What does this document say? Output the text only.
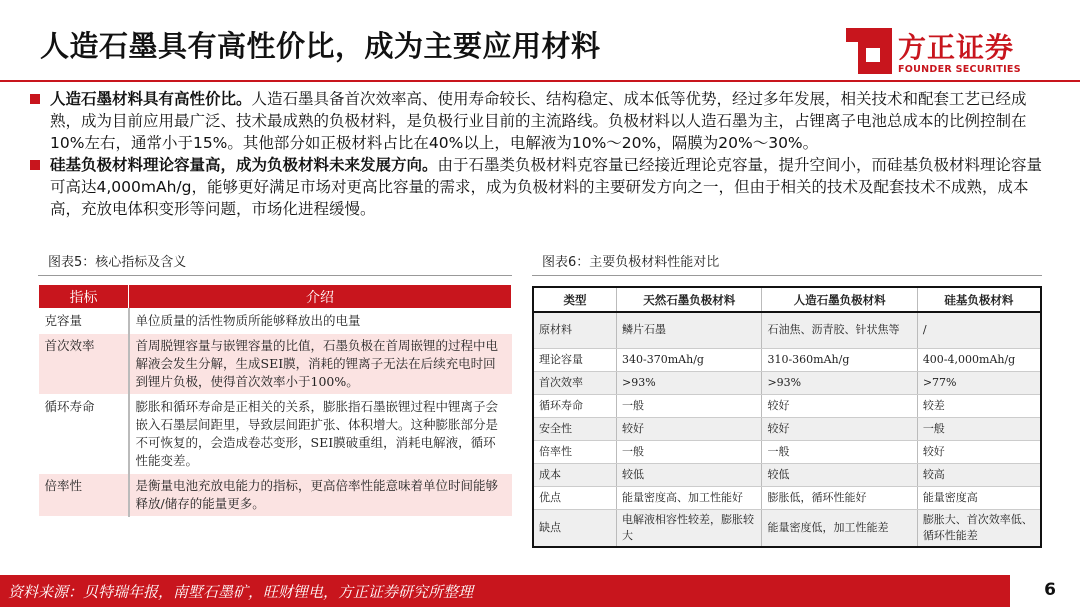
人造石墨具有高性价比，成为主要应用材料	方正证券
FOUNDER SECURITIES
人造石墨材料具有高性价比。人造石墨具备首次效率高、使用寿命较长、结构稳定、成本低等优势，经过多年发展，相关技术和配套工艺已经成熟，成为目前应用最广泛、技术最成熟的负极材料，是负极行业目前的主流路线。负极材料以人造石墨为主，占锂离子电池总成本的比例控制在10%左右，通常小于15%。其他部分如正极材料占比在40%以上，电解液为10%～20%，隔膜为20%～30%。
硅基负极材料理论容量高，成为负极材料未来发展方向。由于石墨类负极材料克容量已经接近理论克容量，提升空间小，而硅基负极材料理论容量可高达4,000mAh/g，能够更好满足市场对更高比容量的需求，成为负极材料的主要研发方向之一，但由于相关的技术及配套技术不成熟，成本高，充放电体积变形等问题，市场化进程缓慢。
图表5：核心指标及含义
指标	介绍
克容量	单位质量的活性物质所能够释放出的电量
首次效率	首周脱锂容量与嵌锂容量的比值，石墨负极在首周嵌锂的过程中电解液会发生分解，生成SEI膜，消耗的锂离子无法在后续充电时回到锂片负极，使得首次效率小于100%。
循环寿命	膨胀和循环寿命是正相关的关系，膨胀指石墨嵌锂过程中锂离子会嵌入石墨层间距里，导致层间距扩张、体积增大。这种膨胀部分是不可恢复的，会造成卷芯变形，SEI膜破重组，消耗电解液，循环性能变差。
倍率性	是衡量电池充放电能力的指标，更高倍率性能意味着单位时间能够释放/储存的能量更多。
图表6：主要负极材料性能对比
类型	天然石墨负极材料	人造石墨负极材料	硅基负极材料
原材料	鳞片石墨	石油焦、沥青胶、针状焦等	/
理论容量	340-370mAh/g	310-360mAh/g	400-4,000mAh/g
首次效率	>93%	>93%	>77%
循环寿命	一般	较好	较差
安全性	较好	较好	一般
倍率性	一般	一般	较好
成本	较低	较低	较高
优点	能量密度高、加工性能好	膨胀低，循环性能好	能量密度高
缺点	电解液相容性较差，膨胀较大	能量密度低，加工性能差	膨胀大、首次效率低、循环性能差
资料来源：贝特瑞年报，南墅石墨矿，旺财锂电，方正证券研究所整理	6
